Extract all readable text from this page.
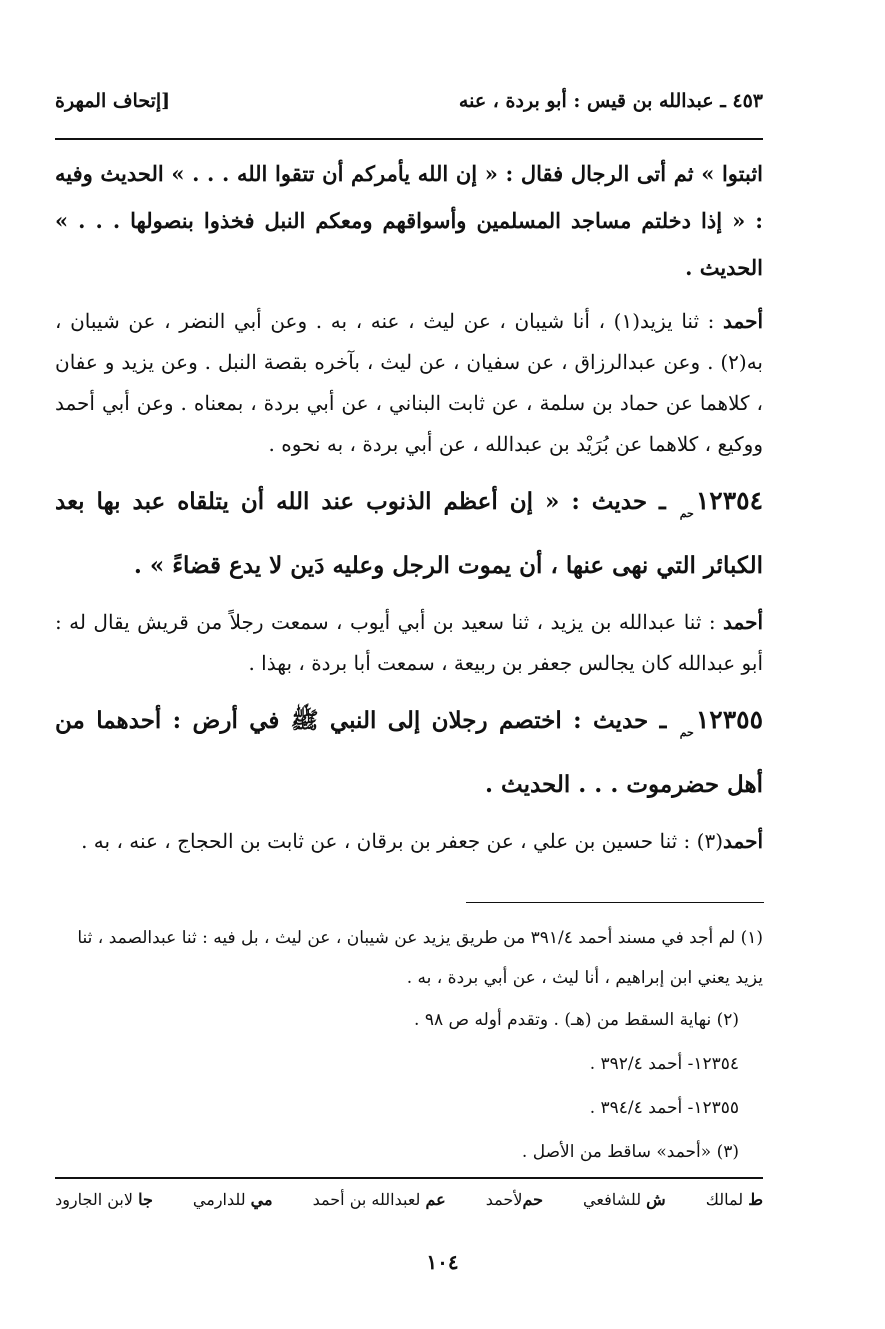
٤٥٣ ـ عبدالله بن قيس : أبو بردة ، عنه
[إتحاف المهرة

اثبتوا » ثم أتى الرجال فقال : « إن الله يأمركم أن تتقوا الله . . . » الحديث وفيه : « إذا دخلتم مساجد المسلمين وأسواقهم ومعكم النبل فخذوا بنصولها . . . » الحديث .

أحمد : ثنا يزيد(١) ، أنا شيبان ، عن ليث ، عنه ، به . وعن أبي النضر ، عن شيبان ، به(٢) . وعن عبدالرزاق ، عن سفيان ، عن ليث ، بآخره بقصة النبل . وعن يزيد و عفان ، كلاهما عن حماد بن سلمة ، عن ثابت البناني ، عن أبي بردة ، بمعناه . وعن أبي أحمد ووكيع ، كلاهما عن بُرَيْد بن عبدالله ، عن أبي بردة ، به نحوه .

$١٢٣٥٤_{حم}$ ـ حديث : « إن أعظم الذنوب عند الله أن يتلقاه عبد بها بعد الكبائر التي نهى عنها ، أن يموت الرجل وعليه دَين لا يدع قضاءً » .

أحمد : ثنا عبدالله بن يزيد ، ثنا سعيد بن أبي أيوب ، سمعت رجلاً من قريش يقال له : أبو عبدالله كان يجالس جعفر بن ربيعة ، سمعت أبا بردة ، بهذا .

$١٢٣٥٥_{حم}$ ـ حديث : اختصم رجلان إلى النبي ﷺ في أرض : أحدهما من أهل حضرموت . . . الحديث .

أحمد(٣) : ثنا حسين بن علي ، عن جعفر بن برقان ، عن ثابت بن الحجاج ، عنه ، به .

(١) لم أجد في مسند أحمد ٣٩١/٤ من طريق يزيد عن شيبان ، عن ليث ، بل فيه : ثنا عبدالصمد ، ثنا يزيد يعني ابن إبراهيم ، أنا ليث ، عن أبي بردة ، به .
(٢) نهاية السقط من (هـ) . وتقدم أوله ص ٩٨ .
١٢٣٥٤- أحمد ٣٩٢/٤ .
١٢٣٥٥- أحمد ٣٩٤/٤ .
(٣) «أحمد» ساقط من الأصل .
ط لمالك
ش للشافعي
حملأحمد
عم لعبدالله بن أحمد
مي للدارمي
جا لابن الجارود
١٠٤
